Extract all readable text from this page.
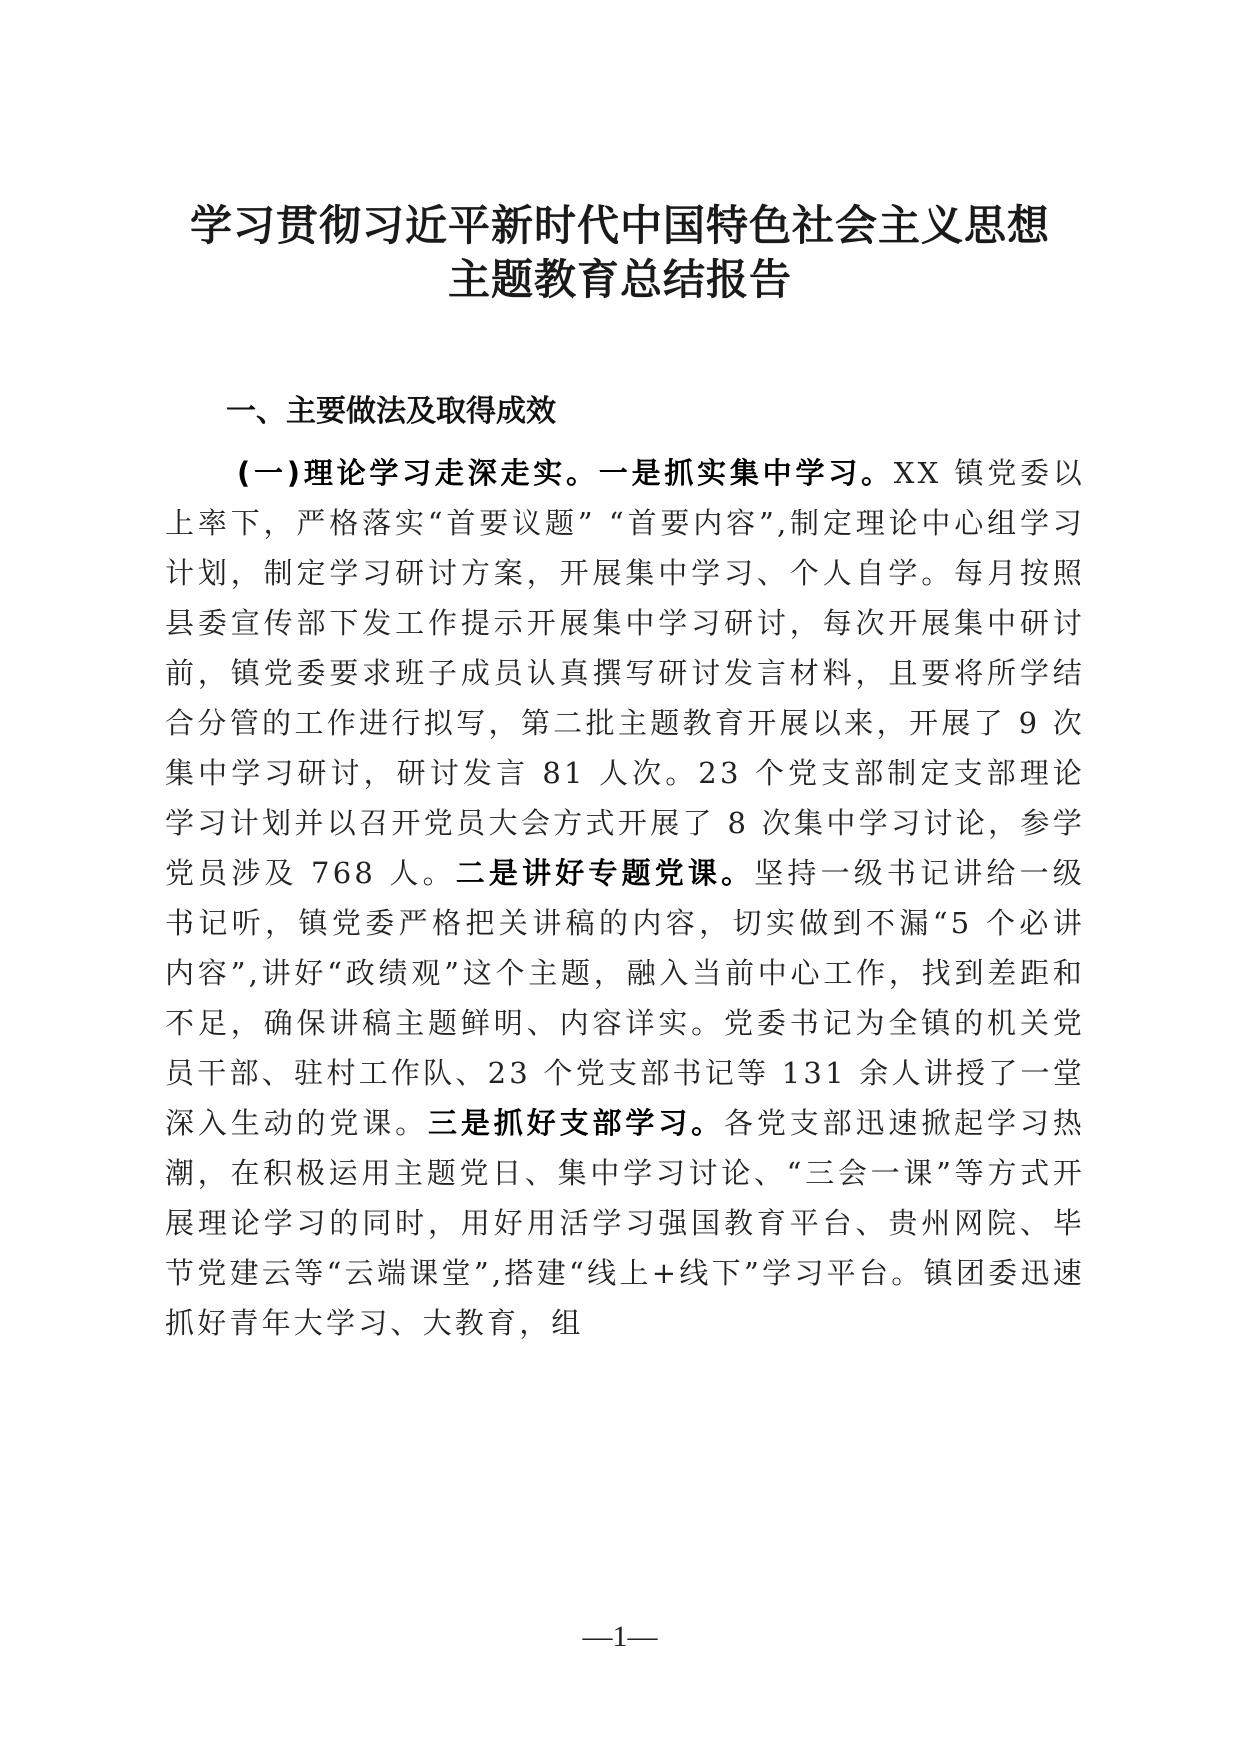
学习贯彻习近平新时代中国特色社会主义思想
主题教育总结报告
一、主要做法及取得成效

(一)理论学习走深走实。一是抓实集中学习。XX 镇党委以上率下，严格落实“首要议题” “首要内容”,制定理论中心组学习计划，制定学习研讨方案，开展集中学习、个人自学。每月按照县委宣传部下发工作提示开展集中学习研讨，每次开展集中研讨前，镇党委要求班子成员认真撰写研讨发言材料，且要将所学结合分管的工作进行拟写，第二批主题教育开展以来，开展了 9 次集中学习研讨，研讨发言 81 人次。23 个党支部制定支部理论学习计划并以召开党员大会方式开展了 8 次集中学习讨论，参学党员涉及 768 人。二是讲好专题党课。坚持一级书记讲给一级书记听，镇党委严格把关讲稿的内容，切实做到不漏“5 个必讲内容”,讲好“政绩观”这个主题，融入当前中心工作，找到差距和不足，确保讲稿主题鲜明、内容详实。党委书记为全镇的机关党员干部、驻村工作队、23 个党支部书记等 131 余人讲授了一堂深入生动的党课。三是抓好支部学习。各党支部迅速掀起学习热潮，在积极运用主题党日、集中学习讨论、“三会一课”等方式开展理论学习的同时，用好用活学习强国教育平台、贵州网院、毕节党建云等“云端课堂”,搭建“线上+线下”学习平台。镇团委迅速抓好青年大学习、大教育，组

—1—
